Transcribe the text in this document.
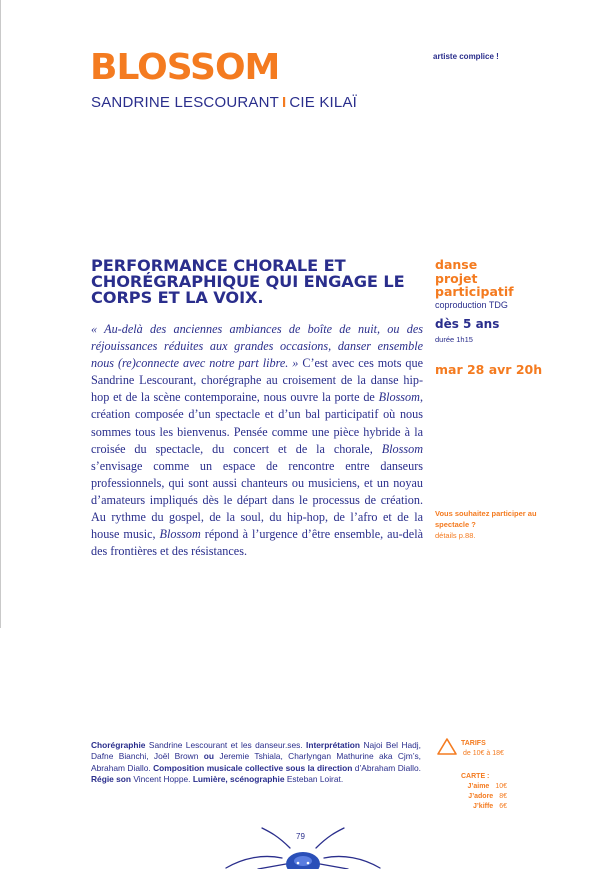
BLOSSOM
SANDRINE LESCOURANT I CIE KILAÏ
artiste complice !
PERFORMANCE CHORALE ET CHORÉGRAPHIQUE QUI ENGAGE LE CORPS ET LA VOIX.
« Au-delà des anciennes ambiances de boîte de nuit, ou des réjouissances réduites aux grandes occasions, danser ensemble nous (re)connecte avec notre part libre. » C’est avec ces mots que Sandrine Lescourant, chorégraphe au croisement de la danse hip-hop et de la scène contemporaine, nous ouvre la porte de Blossom, création composée d’un spectacle et d’un bal participatif où nous sommes tous les bienvenus. Pensée comme une pièce hybride à la croisée du spectacle, du concert et de la chorale, Blossom s’envisage comme un espace de rencontre entre danseurs professionnels, qui sont aussi chanteurs ou musiciens, et un noyau d’amateurs impliqués dès le départ dans le processus de création. Au rythme du gospel, de la soul, du hip-hop, de l’afro et de la house music, Blossom répond à l’urgence d’être ensemble, au-delà des frontières et des résistances.
danse
projet
participatif
coproduction TDG
dès 5 ans
durée 1h15
mar 28 avr 20h
Vous souhaitez participer au spectacle ?
détails p.88.
Chorégraphie Sandrine Lescourant et les danseur.ses. Interprétation Najoi Bel Hadj, Dafne Bianchi, Joël Brown ou Jeremie Tshiala, Charlyngan Mathurine aka Cjm’s, Abraham Diallo. Composition musicale collective sous la direction d’Abraham Diallo. Régie son Vincent Hoppe. Lumière, scénographie Esteban Loirat.
TARIFS
de 10€ à 18€
CARTE :
J’aime 10€
J’adore 8€
J’kiffe 6€
79
